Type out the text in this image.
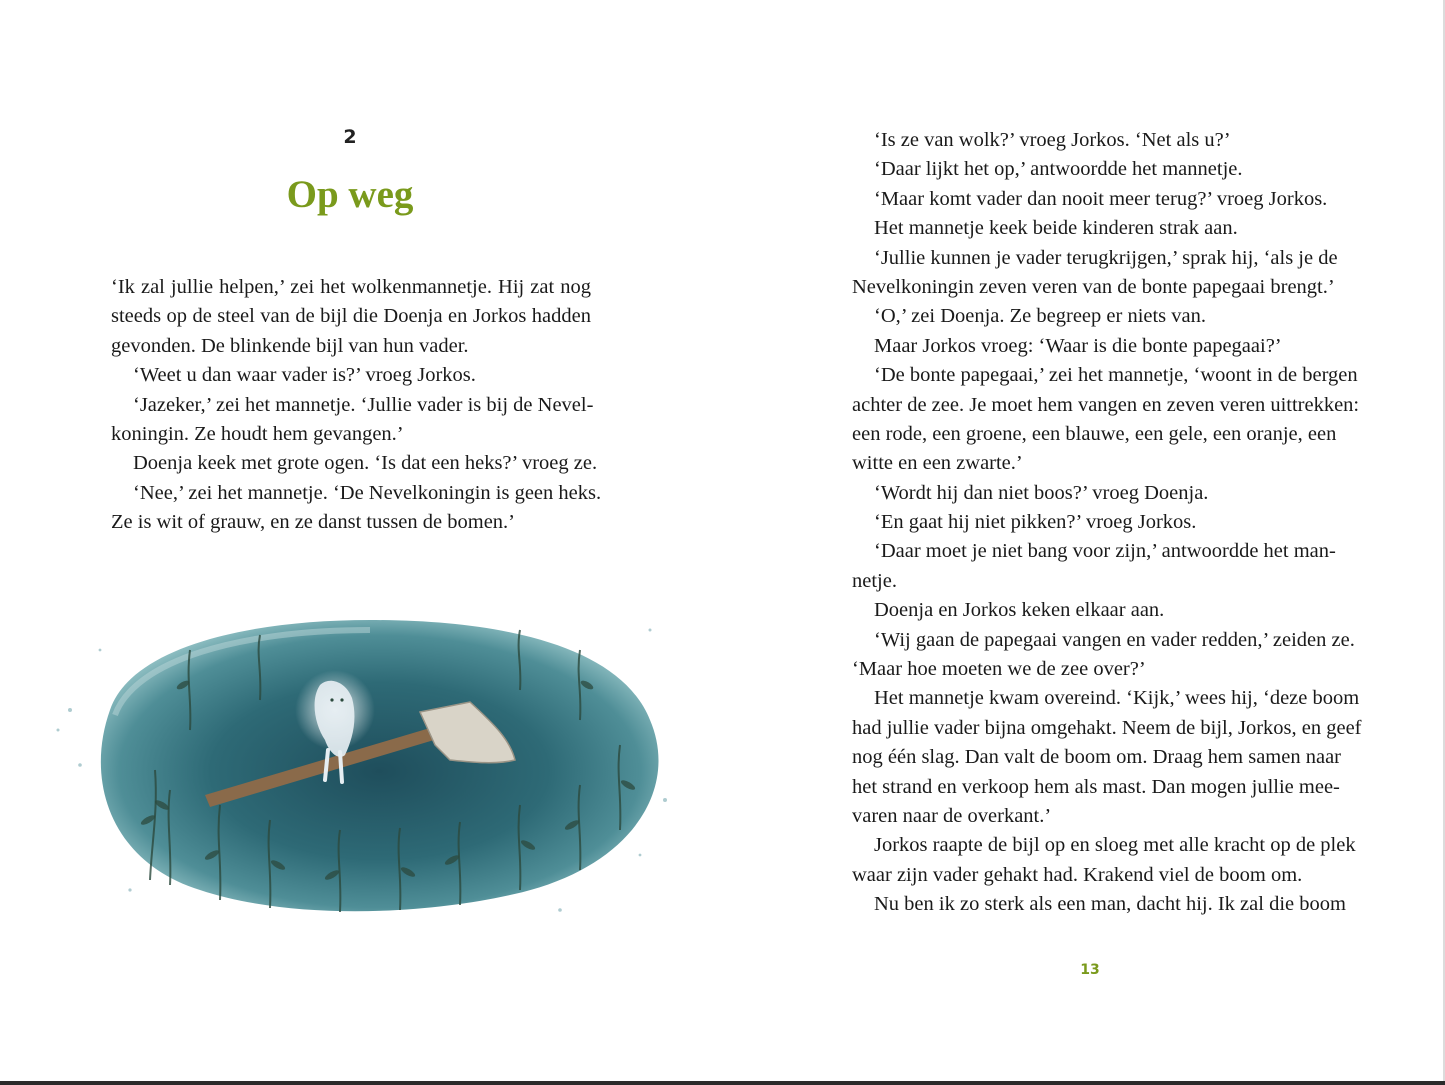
2
Op weg
‘Ik zal jullie helpen,’ zei het wolkenmannetje. Hij zat nog
steeds op de steel van de bijl die Doenja en Jorkos hadden
gevonden. De blinkende bijl van hun vader.
‘Weet u dan waar vader is?’ vroeg Jorkos.
‘Jazeker,’ zei het mannetje. ‘Jullie vader is bij de Nevel-
koningin. Ze houdt hem gevangen.’
Doenja keek met grote ogen. ‘Is dat een heks?’ vroeg ze.
‘Nee,’ zei het mannetje. ‘De Nevelkoningin is geen heks.
Ze is wit of grauw, en ze danst tussen de bomen.’
‘Is ze van wolk?’ vroeg Jorkos. ‘Net als u?’
‘Daar lijkt het op,’ antwoordde het mannetje.
‘Maar komt vader dan nooit meer terug?’ vroeg Jorkos.
Het mannetje keek beide kinderen strak aan.
‘Jullie kunnen je vader terugkrijgen,’ sprak hij, ‘als je de
Nevelkoningin zeven veren van de bonte papegaai brengt.’
‘O,’ zei Doenja. Ze begreep er niets van.
Maar Jorkos vroeg: ‘Waar is die bonte papegaai?’
‘De bonte papegaai,’ zei het mannetje, ‘woont in de bergen
achter de zee. Je moet hem vangen en zeven veren uittrekken:
een rode, een groene, een blauwe, een gele, een oranje, een
witte en een zwarte.’
‘Wordt hij dan niet boos?’ vroeg Doenja.
‘En gaat hij niet pikken?’ vroeg Jorkos.
‘Daar moet je niet bang voor zijn,’ antwoordde het man-
netje.
Doenja en Jorkos keken elkaar aan.
‘Wij gaan de papegaai vangen en vader redden,’ zeiden ze.
‘Maar hoe moeten we de zee over?’
Het mannetje kwam overeind. ‘Kijk,’ wees hij, ‘deze boom
had jullie vader bijna omgehakt. Neem de bijl, Jorkos, en geef
nog één slag. Dan valt de boom om. Draag hem samen naar
het strand en verkoop hem als mast. Dan mogen jullie mee-
varen naar de overkant.’
Jorkos raapte de bijl op en sloeg met alle kracht op de plek
waar zijn vader gehakt had. Krakend viel de boom om.
Nu ben ik zo sterk als een man, dacht hij. Ik zal die boom
13
